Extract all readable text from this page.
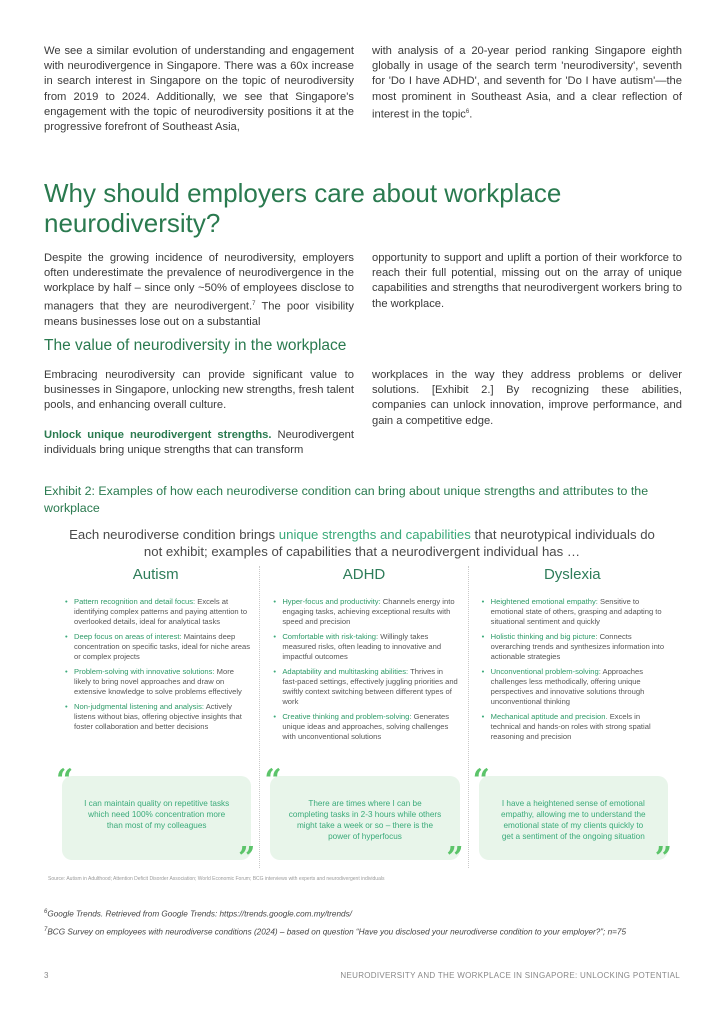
We see a similar evolution of understanding and engagement with neurodivergence in Singapore. There was a 60x increase in search interest in Singapore on the topic of neurodiversity from 2019 to 2024. Additionally, we see that Singapore's engagement with the topic of neurodiversity positions it at the progressive forefront of Southeast Asia,

with analysis of a 20-year period ranking Singapore eighth globally in usage of the search term 'neurodiversity', seventh for 'Do I have ADHD', and seventh for 'Do I have autism'—the most prominent in Southeast Asia, and a clear reflection of interest in the topic$^6$.

Why should employers care about workplace neurodiversity?

Despite the growing incidence of neurodiversity, employers often underestimate the prevalence of neurodivergence in the workplace by half – since only ~50% of employees disclose to managers that they are neurodivergent.$^7$ The poor visibility means businesses lose out on a substantial

opportunity to support and uplift a portion of their workforce to reach their full potential, missing out on the array of unique capabilities and strengths that neurodivergent workers bring to the workplace.

The value of neurodiversity in the workplace

Embracing neurodiversity can provide significant value to businesses in Singapore, unlocking new strengths, fresh talent pools, and enhancing overall culture.

Unlock unique neurodivergent strengths. Neurodivergent individuals bring unique strengths that can transform

workplaces in the way they address problems or deliver solutions. [Exhibit 2.] By recognizing these abilities, companies can unlock innovation, improve performance, and gain a competitive edge.

Exhibit 2: Examples of how each neurodiverse condition can bring about unique strengths and attributes to the workplace
Each neurodiverse condition brings unique strengths and capabilities that neurotypical individuals do not exhibit; examples of capabilities that a neurodivergent individual has …
Autism
• Pattern recognition and detail focus: Excels at identifying complex patterns and paying attention to overlooked details, ideal for analytical tasks
• Deep focus on areas of interest: Maintains deep concentration on specific tasks, ideal for niche areas or complex projects
• Problem-solving with innovative solutions: More likely to bring novel approaches and draw on extensive knowledge to solve problems effectively
• Non-judgmental listening and analysis: Actively listens without bias, offering objective insights that foster collaboration and better decisions
“
I can maintain quality on repetitive tasks which need 100% concentration more than most of my colleagues
”
ADHD
• Hyper-focus and productivity: Channels energy into engaging tasks, achieving exceptional results with speed and precision
• Comfortable with risk-taking: Willingly takes measured risks, often leading to innovative and impactful outcomes
• Adaptability and multitasking abilities: Thrives in fast-paced settings, effectively juggling priorities and swiftly context switching between different types of work
• Creative thinking and problem-solving: Generates unique ideas and approaches, solving challenges with unconventional solutions
“
There are times where I can be completing tasks in 2-3 hours while others might take a week or so – there is the power of hyperfocus
”
Dyslexia
• Heightened emotional empathy: Sensitive to emotional state of others, grasping and adapting to situational sentiment and quickly
• Holistic thinking and big picture: Connects overarching trends and synthesizes information into actionable strategies
• Unconventional problem-solving: Approaches challenges less methodically, offering unique perspectives and innovative solutions through unconventional thinking
• Mechanical aptitude and precision. Excels in technical and hands-on roles with strong spatial reasoning and precision
“
I have a heightened sense of emotional empathy, allowing me to understand the emotional state of my clients quickly to get a sentiment of the ongoing situation
”
Source: Autism in Adulthood; Attention Deficit Disorder Association; World Economic Forum; BCG interviews with experts and neurodivergent individuals
$^6$Google Trends. Retrieved from Google Trends: https://trends.google.com.my/trends/
$^7$BCG Survey on employees with neurodiverse conditions (2024) – based on question “Have you disclosed your neurodiverse condition to your employer?”; n=75
3	NEURODIVERSITY AND THE WORKPLACE IN SINGAPORE: UNLOCKING POTENTIAL
